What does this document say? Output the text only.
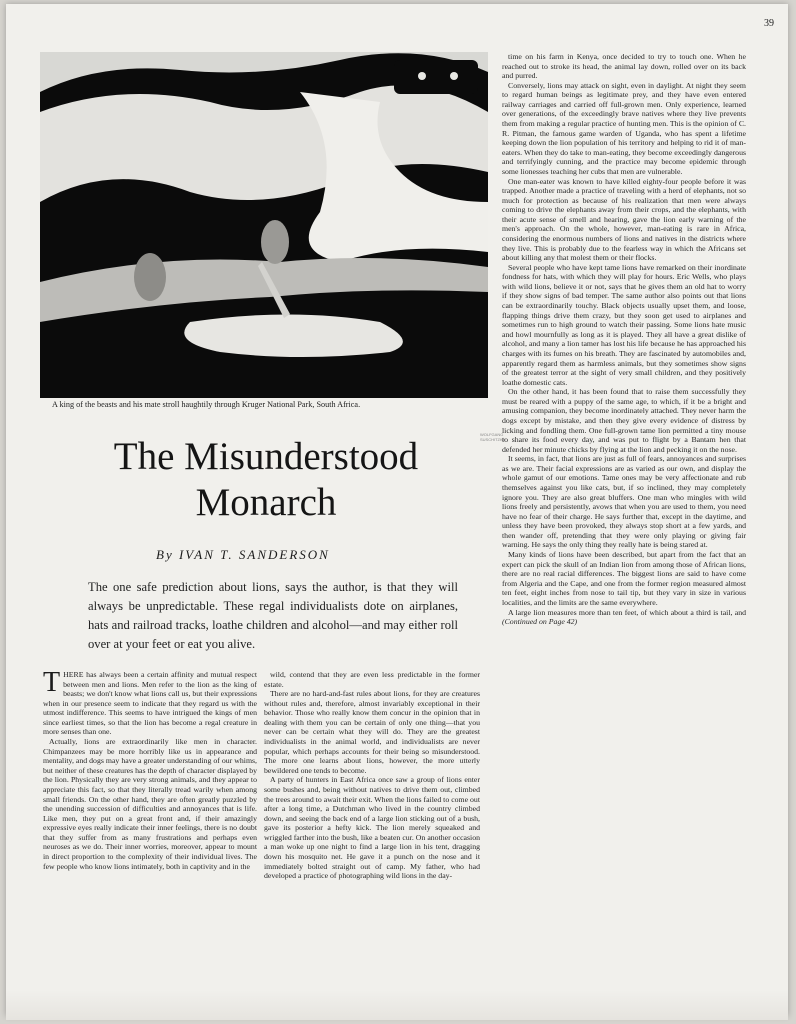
39
WOLFGANG SUSCHITZKY
A king of the beasts and his mate stroll haughtily through Kruger National Park, South Africa.
The Misunderstood
Monarch
By IVAN T. SANDERSON
The one safe prediction about lions, says the author, is that they will always be unpredictable. These regal individualists dote on airplanes, hats and railroad tracks, loathe children and alcohol—and may either roll over at your feet or eat you alive.

THERE has always been a certain affinity and mutual respect between men and lions. Men refer to the lion as the king of beasts; we don't know what lions call us, but their expressions when in our presence seem to indicate that they regard us with the utmost indifference. This seems to have intrigued the kings of men since earliest times, so that the lion has become a regal creature in more senses than one.

Actually, lions are extraordinarily like men in character. Chimpanzees may be more horribly like us in appearance and mentality, and dogs may have a greater understanding of our whims, but neither of these creatures has the depth of character displayed by the lion. Physically they are very strong animals, and they appear to appreciate this fact, so that they literally tread warily when among small friends. On the other hand, they are often greatly puzzled by the unending succession of difficulties and annoyances that is life. Like men, they put on a great front and, if their amazingly expressive eyes really indicate their inner feelings, there is no doubt that they suffer from as many frustrations and perhaps even neuroses as we do. Their inner worries, moreover, appear to mount in direct proportion to the complexity of their individual lives. The few people who know lions intimately, both in captivity and in the

wild, contend that they are even less predictable in the former estate.

There are no hard-and-fast rules about lions, for they are creatures without rules and, therefore, almost invariably exceptional in their behavior. Those who really know them concur in the opinion that in dealing with them you can be certain of only one thing—that you never can be certain what they will do. They are the greatest individualists in the animal world, and individualists are never popular, which perhaps accounts for their being so misunderstood. The more one learns about lions, however, the more utterly bewildered one tends to become.

A party of hunters in East Africa once saw a group of lions enter some bushes and, being without natives to drive them out, climbed the trees around to await their exit. When the lions failed to come out after a long time, a Dutchman who lived in the country climbed down, and seeing the back end of a large lion sticking out of a bush, gave its posterior a hefty kick. The lion merely squeaked and wriggled farther into the bush, like a beaten cur. On another occasion a man woke up one night to find a large lion in his tent, dragging down his mosquito net. He gave it a punch on the nose and it immediately bolted straight out of camp. My father, who had developed a practice of photographing wild lions in the day-

time on his farm in Kenya, once decided to try to touch one. When he reached out to stroke its head, the animal lay down, rolled over on its back and purred.

Conversely, lions may attack on sight, even in daylight. At night they seem to regard human beings as legitimate prey, and they have even entered railway carriages and carried off full-grown men. Only experience, learned over generations, of the exceedingly brave natives where they live prevents them from making a regular practice of hunting men. This is the opinion of C. R. Pitman, the famous game warden of Uganda, who has spent a lifetime keeping down the lion population of his territory and helping to rid it of man-eaters. When they do take to man-eating, they become exceedingly dangerous and terrifyingly cunning, and the practice may become epidemic through some lionesses teaching her cubs that men are vulnerable.

One man-eater was known to have killed eighty-four people before it was trapped. Another made a practice of traveling with a herd of elephants, not so much for protection as because of his realization that men were always coming to drive the elephants away from their crops, and the elephants, with their acute sense of smell and hearing, gave the lion early warning of the men's approach. On the whole, however, man-eating is rare in Africa, considering the enormous numbers of lions and natives in the districts where they live. This is probably due to the fearless way in which the Africans set about killing any that molest them or their flocks.

Several people who have kept tame lions have remarked on their inordinate fondness for hats, with which they will play for hours. Eric Wells, who plays with wild lions, believe it or not, says that he gives them an old hat to worry if they show signs of bad temper. The same author also points out that lions can be extraordinarily touchy. Black objects usually upset them, and loose, flapping things drive them crazy, but they soon get used to airplanes and sometimes run to high ground to watch their passing. Some lions hate music and howl mournfully as long as it is played. They all have a great dislike of alcohol, and many a lion tamer has lost his life because he has approached his charges with its fumes on his breath. They are fascinated by automobiles and, apparently regard them as harmless animals, but they sometimes show signs of the greatest terror at the sight of very small children, and they positively loathe domestic cats.

On the other hand, it has been found that to raise them successfully they must be reared with a puppy of the same age, to which, if it be a bright and amusing companion, they become inordinately attached. They never harm the dogs except by mistake, and then they give every evidence of distress by licking and fondling them. One full-grown tame lion permitted a tiny mouse to share its food every day, and was put to flight by a Bantam hen that defended her minute chicks by flying at the lion and pecking it on the nose.

It seems, in fact, that lions are just as full of fears, annoyances and surprises as we are. Their facial expressions are as varied as our own, and display the whole gamut of our emotions. Tame ones may be very affectionate and rub themselves against you like cats, but, if so inclined, they may completely ignore you. They are also great bluffers. One man who mingles with wild lions freely and persistently, avows that when you are used to them, you need have no fear of their charge. He says further that, except in the daytime, and unless they have been provoked, they always stop short at a few yards, and then wander off, pretending that they were only playing or giving fair warning. He says the only thing they really hate is being stared at.

Many kinds of lions have been described, but apart from the fact that an expert can pick the skull of an Indian lion from among those of African lions, there are no real racial differences. The biggest lions are said to have come from Algeria and the Cape, and one from the former region measured almost ten feet, eight inches from nose to tail tip, but they vary in size in various localities, and the limits are the same everywhere.

A large lion measures more than ten feet, of which about a third is tail, and (Continued on Page 42)
